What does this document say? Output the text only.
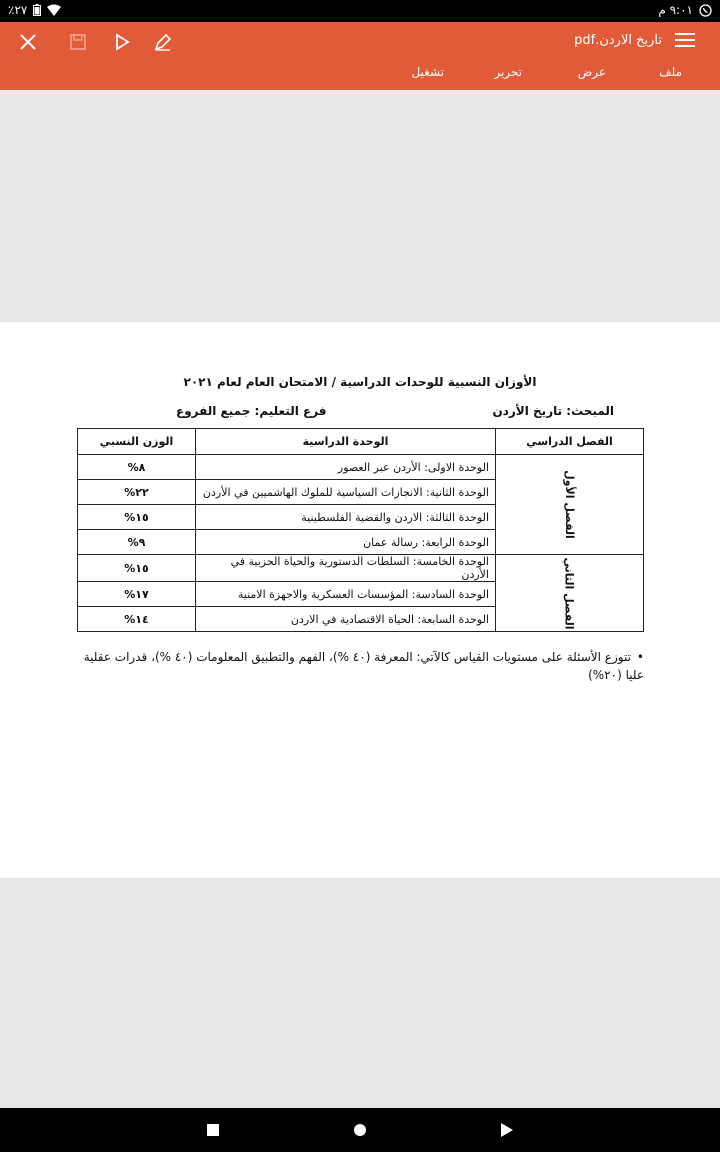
٪٢٧	٩:٠١ م
تاريخ الاردن.pdf
ملف
عرض
تحرير
تشغيل
الأوزان النسبية للوحدات الدراسية / الامتحان العام لعام ٢٠٢١
المبحث: تاريخ الأردن
فرع التعليم: جميع الفروع
الفصل الدراسي	الوحدة الدراسية	الوزن النسبي
الفصل الأول	الوحدة الاولى: الأردن عبر العصور	٨%
	الوحدة الثانية: الانجازات السياسية للملوك الهاشميين في الأردن	٢٢%
	الوحدة الثالثة: الاردن والقضية الفلسطينية	١٥%
	الوحدة الرابعة: رسالة عمان	٩%
الفصل الثاني	الوحدة الخامسة: السلطات الدستورية والحياة الحزبية في الأردن	١٥%
	الوحدة السادسة: المؤسسات العسكرية والاجهزة الامنية	١٧%
	الوحدة السابعة: الحياة الاقتصادية في الاردن	١٤%
•تتوزع الأسئلة على مستويات القياس كالآتي: المعرفة (٤٠ %)، الفهم والتطبيق المعلومات (٤٠ %)، قدرات عقلية عليا (٢٠%)
